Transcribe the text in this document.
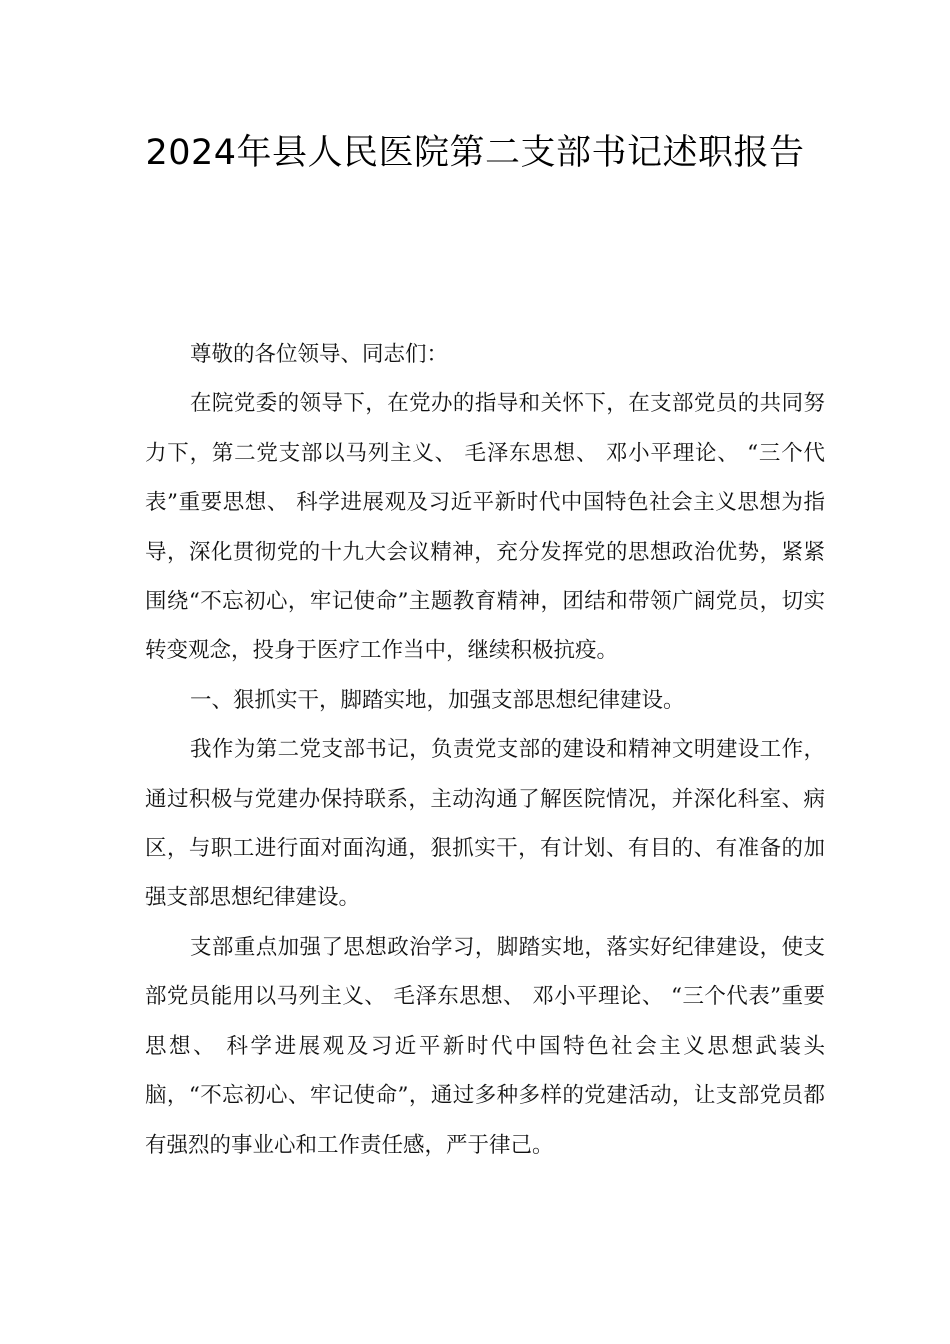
2024年县人民医院第二支部书记述职报告

尊敬的各位领导、同志们：

在院党委的领导下，在党办的指导和关怀下，在支部党员的共同努力下，第二党支部以马列主义、 毛泽东思想、 邓小平理论、 “三个代表”重要思想、 科学进展观及习近平新时代中国特色社会主义思想为指导，深化贯彻党的十九大会议精神，充分发挥党的思想政治优势，紧紧围绕“不忘初心，牢记使命”主题教育精神，团结和带领广阔党员，切实转变观念，投身于医疗工作当中，继续积极抗疫。

一、狠抓实干，脚踏实地，加强支部思想纪律建设。

我作为第二党支部书记，负责党支部的建设和精神文明建设工作，通过积极与党建办保持联系，主动沟通了解医院情况，并深化科室、病区，与职工进行面对面沟通，狠抓实干，有计划、有目的、有准备的加强支部思想纪律建设。

支部重点加强了思想政治学习，脚踏实地，落实好纪律建设，使支部党员能用以马列主义、 毛泽东思想、 邓小平理论、 “三个代表”重要思想、 科学进展观及习近平新时代中国特色社会主义思想武装头脑，“不忘初心、牢记使命”，通过多种多样的党建活动，让支部党员都有强烈的事业心和工作责任感，严于律己。
